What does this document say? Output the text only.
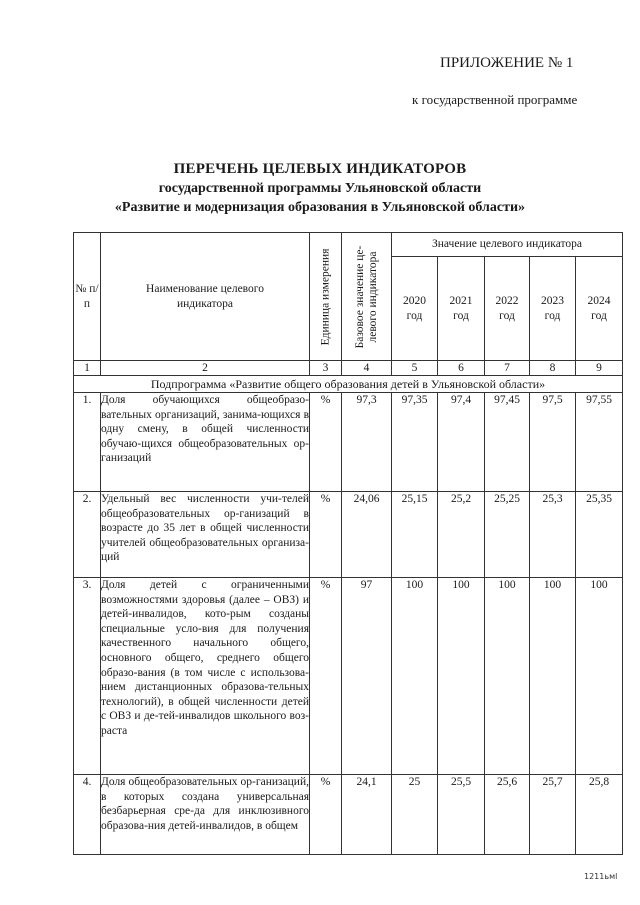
ПРИЛОЖЕНИЕ № 1
к государственной программе
ПЕРЕЧЕНЬ ЦЕЛЕВЫХ ИНДИКАТОРОВ
государственной программы Ульяновской области
«Развитие и модернизация образования в Ульяновской области»
№ п/п	Наименование целевого индикатора	Единица измерения	Базовое значение це-левого индикатора	Значение целевого индикатора				

				2020 год	2021 год	2022 год	2023 год	2024 год

1	2	3	4	5	6	7	8	9
Подпрограмма «Развитие общего образования детей в Ульяновской области»								
1.	Доля обучающихся общеобразо-вательных организаций, занима-ющихся в одну смену, в общей численности обучаю-щихся общеобразовательных ор-ганизаций	%	97,3	97,35	97,4	97,45	97,5	97,55
2.	Удельный вес численности учи-телей общеобразовательных ор-ганизаций в возрасте до 35 лет в общей численности учителей общеобразовательных организа-ций	%	24,06	25,15	25,2	25,25	25,3	25,35
3.	Доля детей с ограниченными возможностями здоровья (далее – ОВЗ) и детей-инвалидов, кото-рым созданы специальные усло-вия для получения качественного начального общего, основного общего, среднего общего образо-вания (в том числе с использова-нием дистанционных образова-тельных технологий), в общей численности детей с ОВЗ и де-тей-инвалидов школьного воз-раста	%	97	100	100	100	100	100
4.	Доля общеобразовательных ор-ганизаций, в которых создана универсальная безбарьерная сре-да для инклюзивного образова-ния детей-инвалидов, в общем	%	24,1	25	25,5	25,6	25,7	25,8
1211ьмl
